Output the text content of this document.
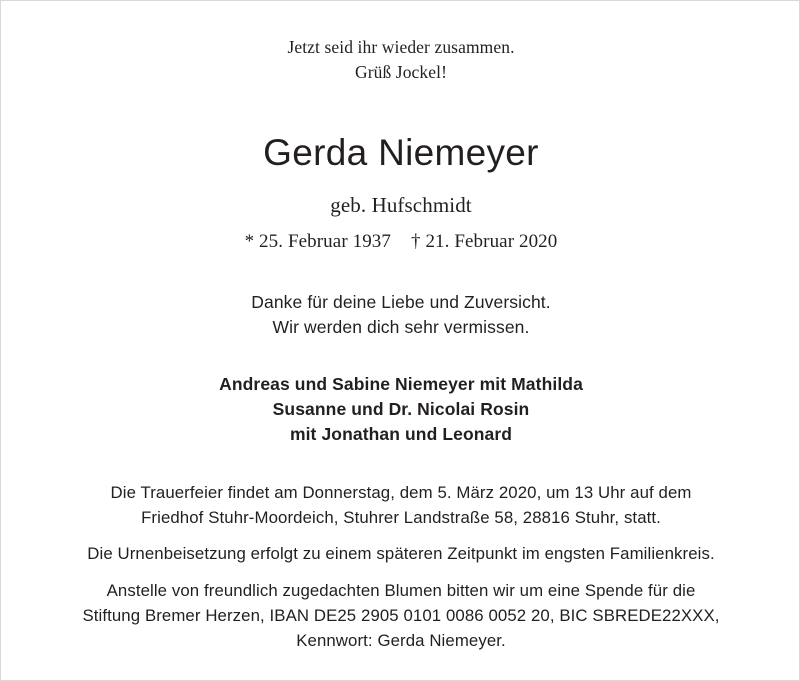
Jetzt seid ihr wieder zusammen.
Grüß Jockel!
Gerda Niemeyer
geb. Hufschmidt
* 25. Februar 1937 † 21. Februar 2020
Danke für deine Liebe und Zuversicht.
Wir werden dich sehr vermissen.
Andreas und Sabine Niemeyer mit Mathilda
Susanne und Dr. Nicolai Rosin
mit Jonathan und Leonard
Die Trauerfeier findet am Donnerstag, dem 5. März 2020, um 13 Uhr auf dem
Friedhof Stuhr-Moordeich, Stuhrer Landstraße 58, 28816 Stuhr, statt.
Die Urnenbeisetzung erfolgt zu einem späteren Zeitpunkt im engsten Familienkreis.
Anstelle von freundlich zugedachten Blumen bitten wir um eine Spende für die
Stiftung Bremer Herzen, IBAN DE25 2905 0101 0086 0052 20, BIC SBREDE22XXX,
Kennwort: Gerda Niemeyer.
